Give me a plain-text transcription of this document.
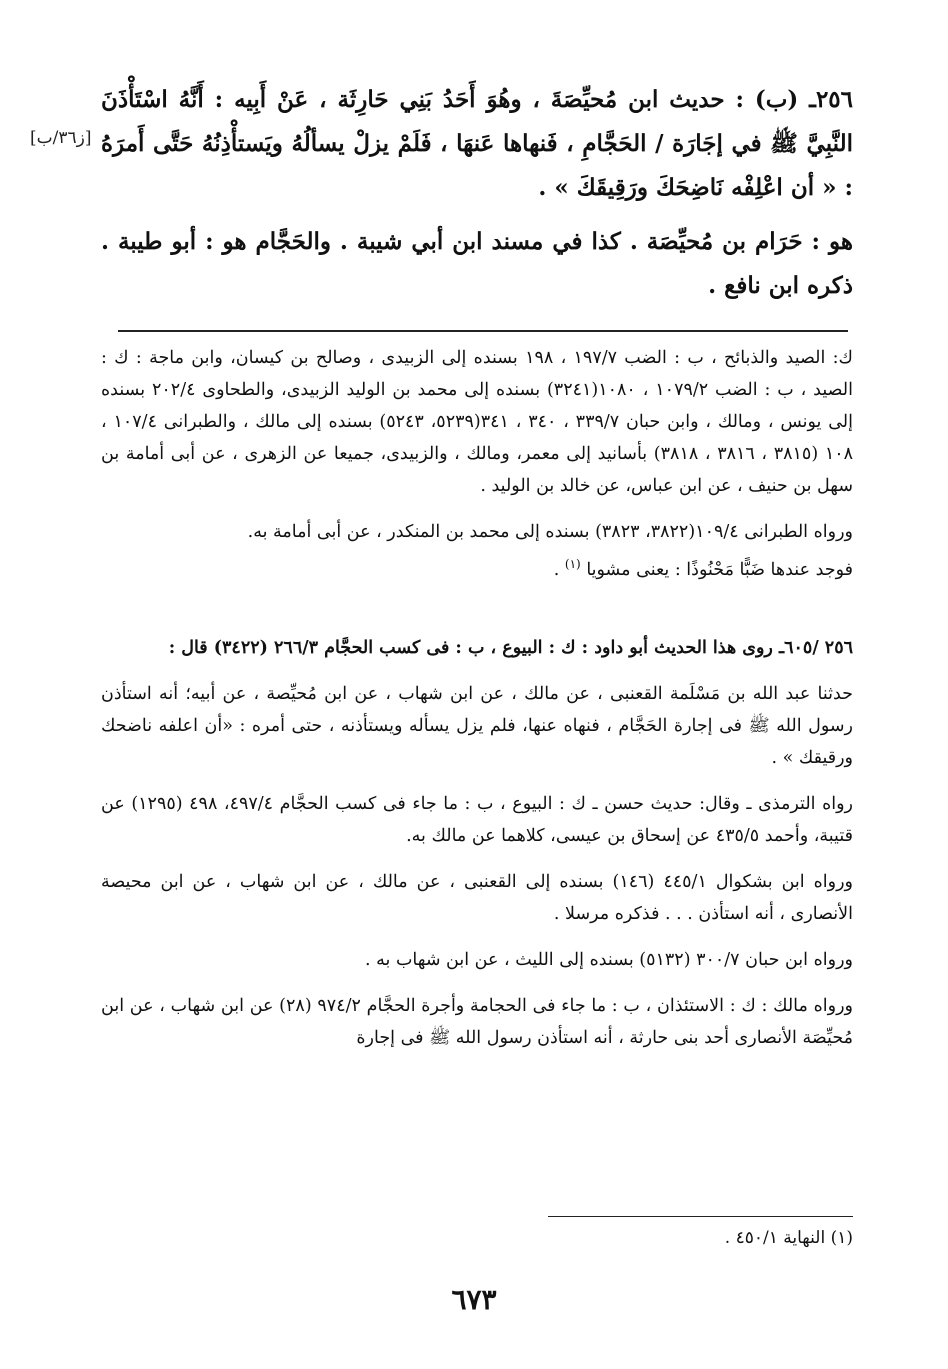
٢٥٦ـ (ب) : حديث ابن مُحيِّصَةَ ، وهُوَ أَحَدُ بَنِي حَارِثَة ، عَنْ أَبِيه : أَنَّهُ اسْتَأْذَنَ النَّبِيَّ ﷺ في إجَارَة / الحَجَّامِ ، فَنهاها عَنهَا ، فَلَمْ يزلْ يسألُهُ ويَستأْذِنُهُ حَتَّى أَمرَهُ : « أن اعْلِفْه نَاضِحَكَ ورَقِيقَكَ » .

هو : حَرَام بن مُحيِّصَة . كذا في مسند ابن أبي شيبة . والحَجَّام هو : أبو طيبة . ذكره ابن نافع .

[ز٣٦/ب]

ك: الصيد والذبائح ، ب : الضب ١٩٧/٧ ، ١٩٨ بسنده إلى الزبيدى ، وصالح بن كيسان، وابن ماجة : ك : الصيد ، ب : الضب ١٠٧٩/٢ ، ١٠٨٠(٣٢٤١) بسنده إلى محمد بن الوليد الزبيدى، والطحاوى ٢٠٢/٤ بسنده إلى يونس ، ومالك ، وابن حبان ٣٣٩/٧ ، ٣٤٠ ، ٣٤١(٥٢٣٩، ٥٢٤٣) بسنده إلى مالك ، والطبرانى ١٠٧/٤ ، ١٠٨ (٣٨١٥ ، ٣٨١٦ ، ٣٨١٨) بأسانيد إلى معمر، ومالك ، والزبيدى، جميعا عن الزهرى ، عن أبى أمامة بن سهل بن حنيف ، عن ابن عباس، عن خالد بن الوليد .

ورواه الطبرانى ١٠٩/٤(٣٨٢٢، ٣٨٢٣) بسنده إلى محمد بن المنكدر ، عن أبى أمامة به.

فوجد عندها ضَبًّا مَحْنُوذًا : يعنى مشويا $^{(١)}$ .

٢٥٦ /٦٠٥ـ روى هذا الحديث أبو داود : ك : البيوع ، ب : فى كسب الحجَّام ٢٦٦/٣ (٣٤٢٢) قال :

حدثنا عبد الله بن مَسْلَمة القعنبى ، عن مالك ، عن ابن شهاب ، عن ابن مُحيِّصة ، عن أبيه؛ أنه استأذن رسول الله ﷺ فى إجارة الحَجَّام ، فنهاه عنها، فلم يزل يسأله ويستأذنه ، حتى أمره : «أن اعلفه ناضحك ورقيقك » .

رواه الترمذى ـ وقال: حديث حسن ـ ك : البيوع ، ب : ما جاء فى كسب الحجَّام ٤٩٧/٤، ٤٩٨ (١٢٩٥) عن قتيبة، وأحمد ٤٣٥/٥ عن إسحاق بن عيسى، كلاهما عن مالك به.

ورواه ابن بشكوال ٤٤٥/١ (١٤٦) بسنده إلى القعنبى ، عن مالك ، عن ابن شهاب ، عن ابن محيصة الأنصارى ، أنه استأذن . . . فذكره مرسلا .

ورواه ابن حبان ٣٠٠/٧ (٥١٣٢) بسنده إلى الليث ، عن ابن شهاب به .

ورواه مالك : ك : الاستئذان ، ب : ما جاء فى الحجامة وأجرة الحجَّام ٩٧٤/٢ (٢٨) عن ابن شهاب ، عن ابن مُحيِّصَة الأنصارى أحد بنى حارثة ، أنه استأذن رسول الله ﷺ فى إجارة

(١) النهاية ٤٥٠/١ .
٦٧٣
